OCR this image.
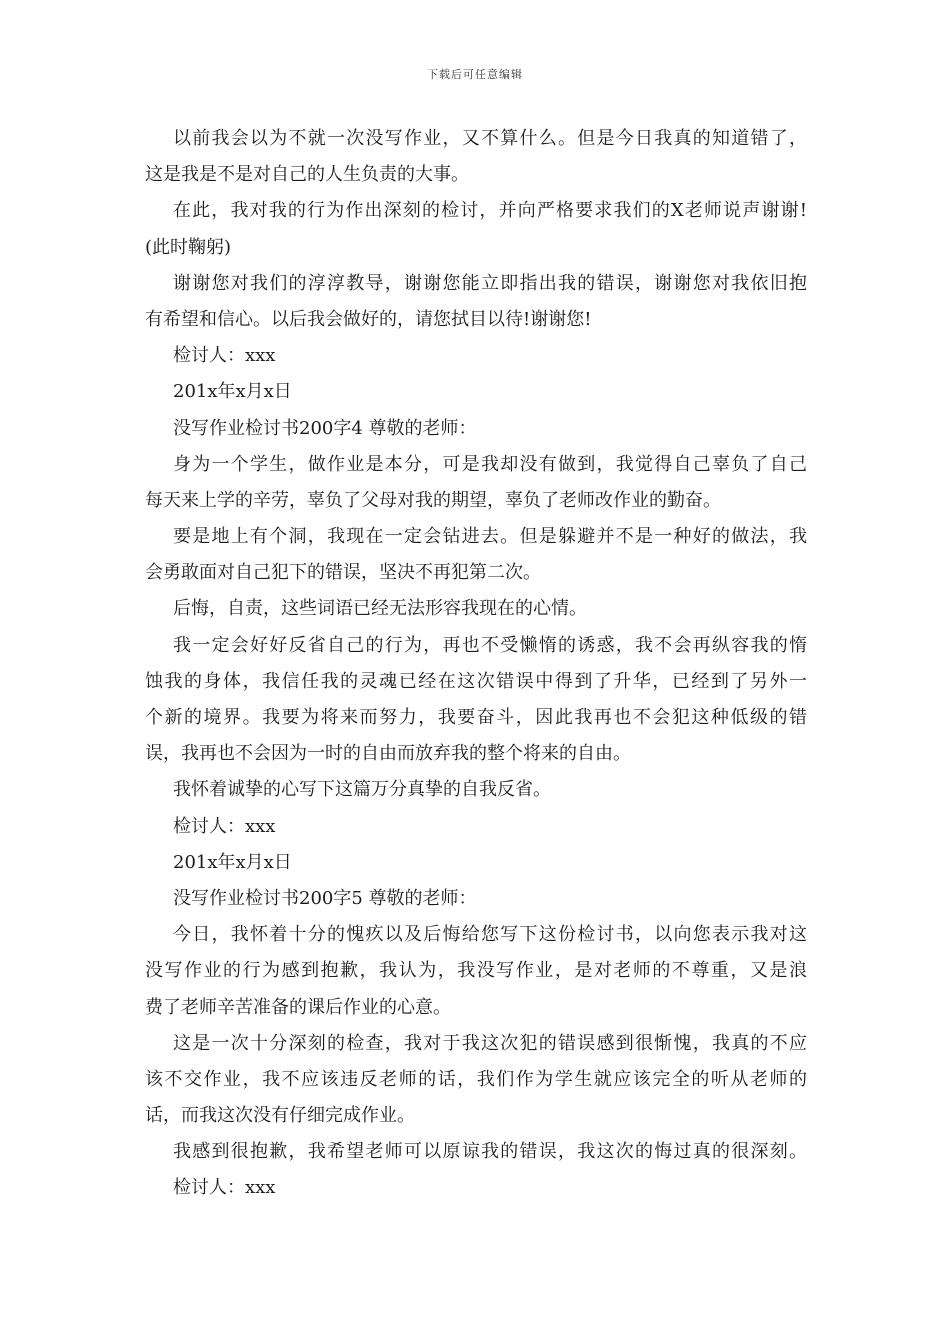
下载后可任意编辑
以前我会以为不就一次没写作业，又不算什么。但是今日我真的知道错了，
这是我是不是对自己的人生负责的大事。
在此，我对我的行为作出深刻的检讨，并向严格要求我们的X老师说声谢谢!
(此时鞠躬)
谢谢您对我们的淳淳教导，谢谢您能立即指出我的错误，谢谢您对我依旧抱
有希望和信心。以后我会做好的，请您拭目以待!谢谢您!
检讨人：xxx
201x年x月x日
没写作业检讨书200字4 尊敬的老师：
身为一个学生，做作业是本分，可是我却没有做到，我觉得自己辜负了自己
每天来上学的辛劳，辜负了父母对我的期望，辜负了老师改作业的勤奋。
要是地上有个洞，我现在一定会钻进去。但是躲避并不是一种好的做法，我
会勇敢面对自己犯下的错误，坚决不再犯第二次。
后悔，自责，这些词语已经无法形容我现在的心情。
我一定会好好反省自己的行为，再也不受懒惰的诱惑，我不会再纵容我的惰
蚀我的身体，我信任我的灵魂已经在这次错误中得到了升华，已经到了另外一
个新的境界。我要为将来而努力，我要奋斗，因此我再也不会犯这种低级的错
误，我再也不会因为一时的自由而放弃我的整个将来的自由。
我怀着诚挚的心写下这篇万分真挚的自我反省。
检讨人：xxx
201x年x月x日
没写作业检讨书200字5 尊敬的老师：
今日，我怀着十分的愧疚以及后悔给您写下这份检讨书，以向您表示我对这
没写作业的行为感到抱歉，我认为，我没写作业，是对老师的不尊重，又是浪
费了老师辛苦准备的课后作业的心意。
这是一次十分深刻的检查，我对于我这次犯的错误感到很惭愧，我真的不应
该不交作业，我不应该违反老师的话，我们作为学生就应该完全的听从老师的
话，而我这次没有仔细完成作业。
我感到很抱歉，我希望老师可以原谅我的错误，我这次的悔过真的很深刻。
检讨人：xxx
